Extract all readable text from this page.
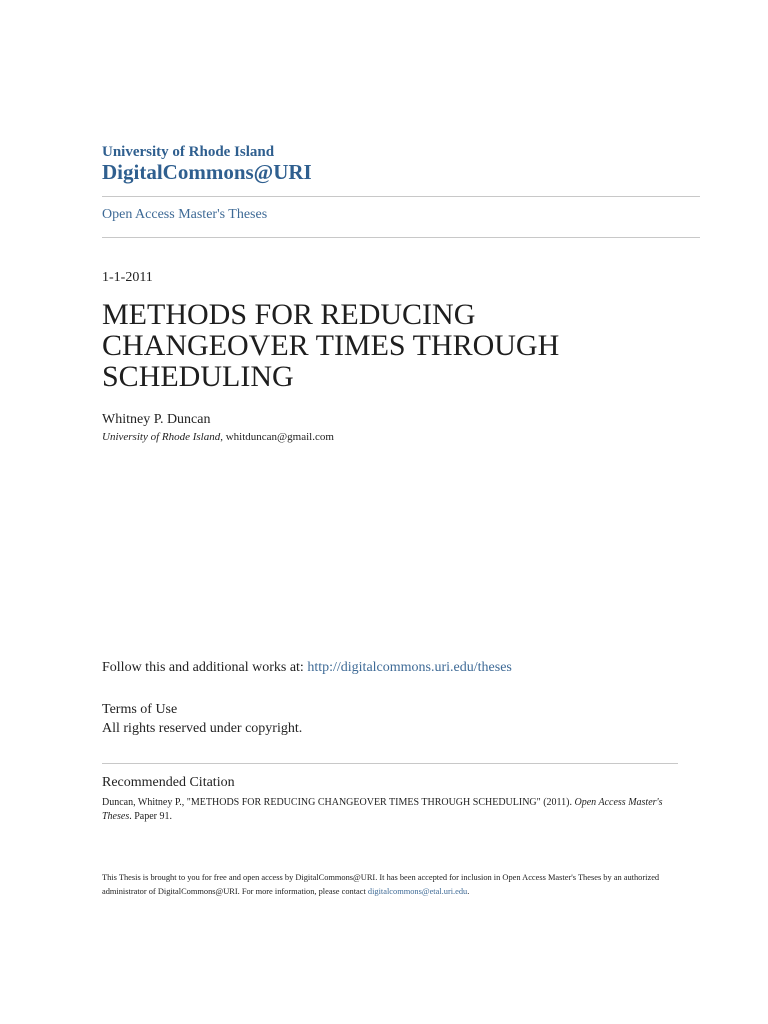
University of Rhode Island
DigitalCommons@URI
Open Access Master's Theses
1-1-2011
METHODS FOR REDUCING CHANGEOVER TIMES THROUGH SCHEDULING
Whitney P. Duncan
University of Rhode Island, whitduncan@gmail.com
Follow this and additional works at: http://digitalcommons.uri.edu/theses
Terms of Use
All rights reserved under copyright.
Recommended Citation
Duncan, Whitney P., "METHODS FOR REDUCING CHANGEOVER TIMES THROUGH SCHEDULING" (2011). Open Access Master's Theses. Paper 91.
This Thesis is brought to you for free and open access by DigitalCommons@URI. It has been accepted for inclusion in Open Access Master's Theses by an authorized administrator of DigitalCommons@URI. For more information, please contact digitalcommons@etal.uri.edu.
